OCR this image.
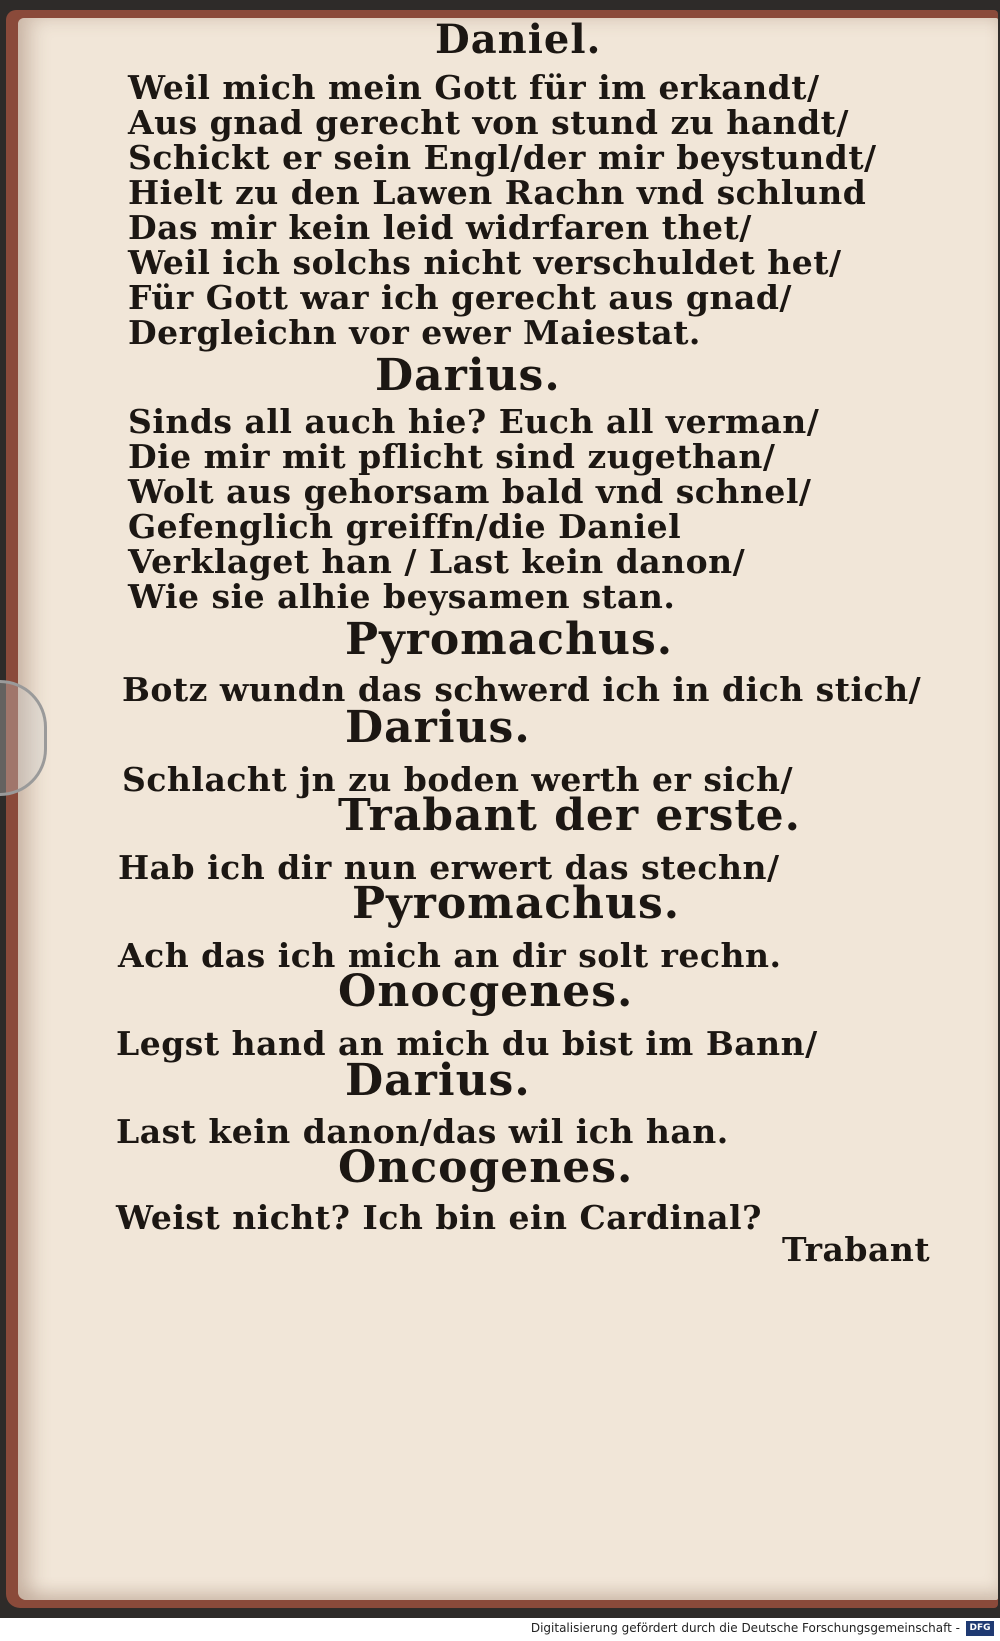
Daniel.
Weil mich mein Gott für im erkandt/
Aus gnad gerecht von stund zu handt/
Schickt er sein Engl/der mir beystundt/
Hielt zu den Lawen Rachn vnd schlund
Das mir kein leid widrfaren thet/
Weil ich solchs nicht verschuldet het/
Für Gott war ich gerecht aus gnad/
Dergleichn vor ewer Maiestat.
Darius.
Sinds all auch hie? Euch all verman/
Die mir mit pflicht sind zugethan/
Wolt aus gehorsam bald vnd schnel/
Gefenglich greiffn/die Daniel
Verklaget han / Last kein danon/
Wie sie alhie beysamen stan.
Pyromachus.
Botz wundn das schwerd ich in dich stich/
Darius.
Schlacht jn zu boden werth er sich/
Trabant der erste.
Hab ich dir nun erwert das stechn/
Pyromachus.
Ach das ich mich an dir solt rechn.
Onocgenes.
Legst hand an mich du bist im Bann/
Darius.
Last kein danon/das wil ich han.
Oncogenes.
Weist nicht? Ich bin ein Cardinal?
Trabant
Digitalisierung gefördert durch die Deutsche Forschungsgemeinschaft -	DFG
